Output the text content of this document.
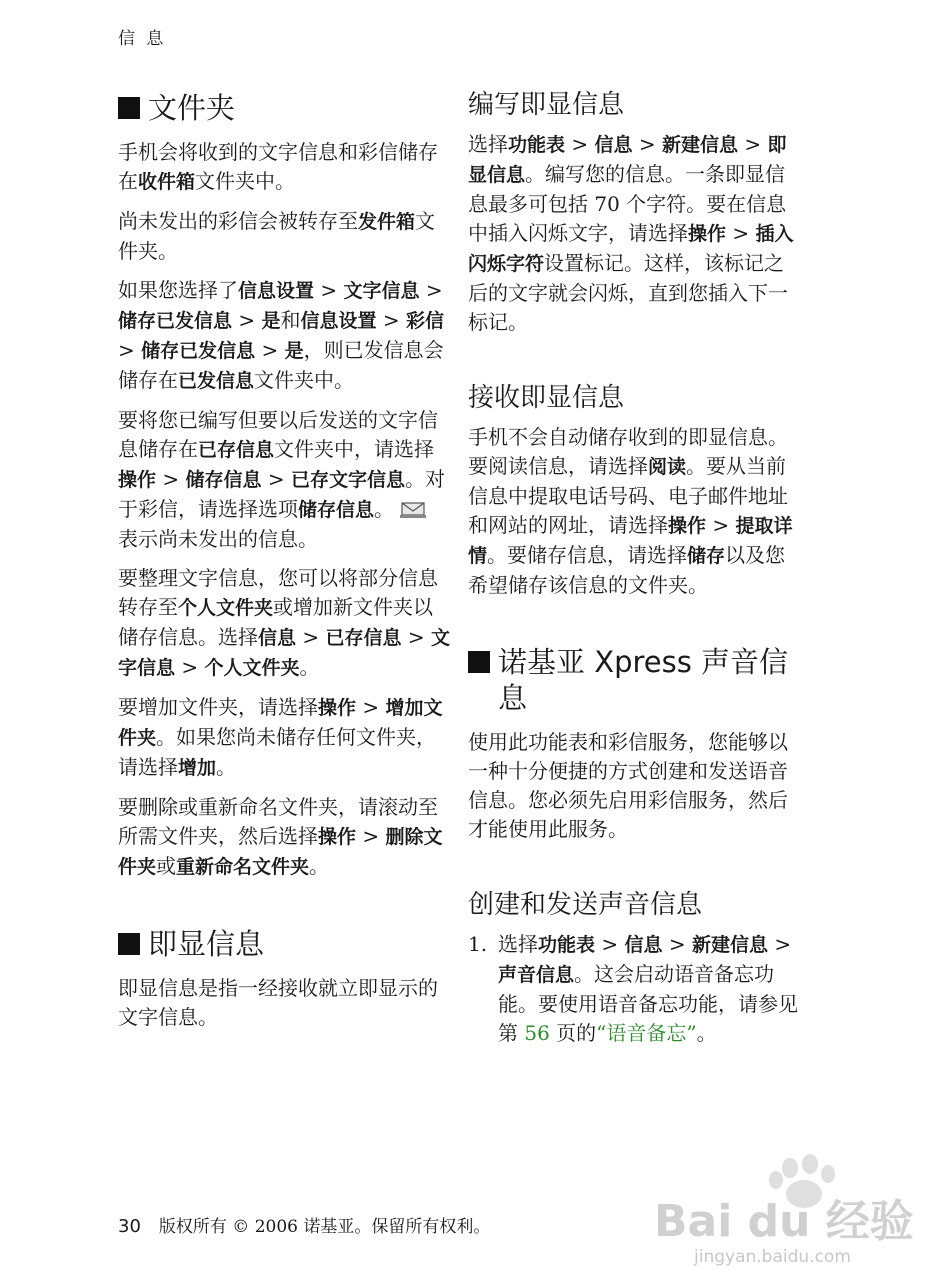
信 息
文件夹

手机会将收到的文字信息和彩信储存在收件箱文件夹中。

尚未发出的彩信会被转存至发件箱文件夹。

如果您选择了信息设置 > 文字信息 > 储存已发信息 > 是和信息设置 > 彩信 > 储存已发信息 > 是，则已发信息会储存在已发信息文件夹中。

要将您已编写但要以后发送的文字信息储存在已存信息文件夹中，请选择操作 > 储存信息 > 已存文字信息。对于彩信，请选择选项储存信息。表示尚未发出的信息。

要整理文字信息，您可以将部分信息转存至个人文件夹或增加新文件夹以储存信息。选择信息 > 已存信息 > 文字信息 > 个人文件夹。

要增加文件夹，请选择操作 > 增加文件夹。如果您尚未储存任何文件夹，请选择增加。

要删除或重新命名文件夹，请滚动至所需文件夹，然后选择操作 > 删除文件夹或重新命名文件夹。

即显信息

即显信息是指一经接收就立即显示的文字信息。

编写即显信息

选择功能表 > 信息 > 新建信息 > 即显信息。编写您的信息。一条即显信息最多可包括 70 个字符。要在信息中插入闪烁文字，请选择操作 > 插入闪烁字符设置标记。这样，该标记之后的文字就会闪烁，直到您插入下一标记。

接收即显信息

手机不会自动储存收到的即显信息。要阅读信息，请选择阅读。要从当前信息中提取电话号码、电子邮件地址和网站的网址，请选择操作 > 提取详情。要储存信息，请选择储存以及您希望储存该信息的文件夹。

诺基亚 Xpress 声音信息

使用此功能表和彩信服务，您能够以一种十分便捷的方式创建和发送语音信息。您必须先启用彩信服务，然后才能使用此服务。

创建和发送声音信息
1. 选择功能表 > 信息 > 新建信息 > 声音信息。这会启动语音备忘功能。要使用语音备忘功能，请参见第 56 页的“语音备忘”。
30 版权所有 © 2006 诺基亚。保留所有权利。	Bai du 经验
jingyan.baidu.com
